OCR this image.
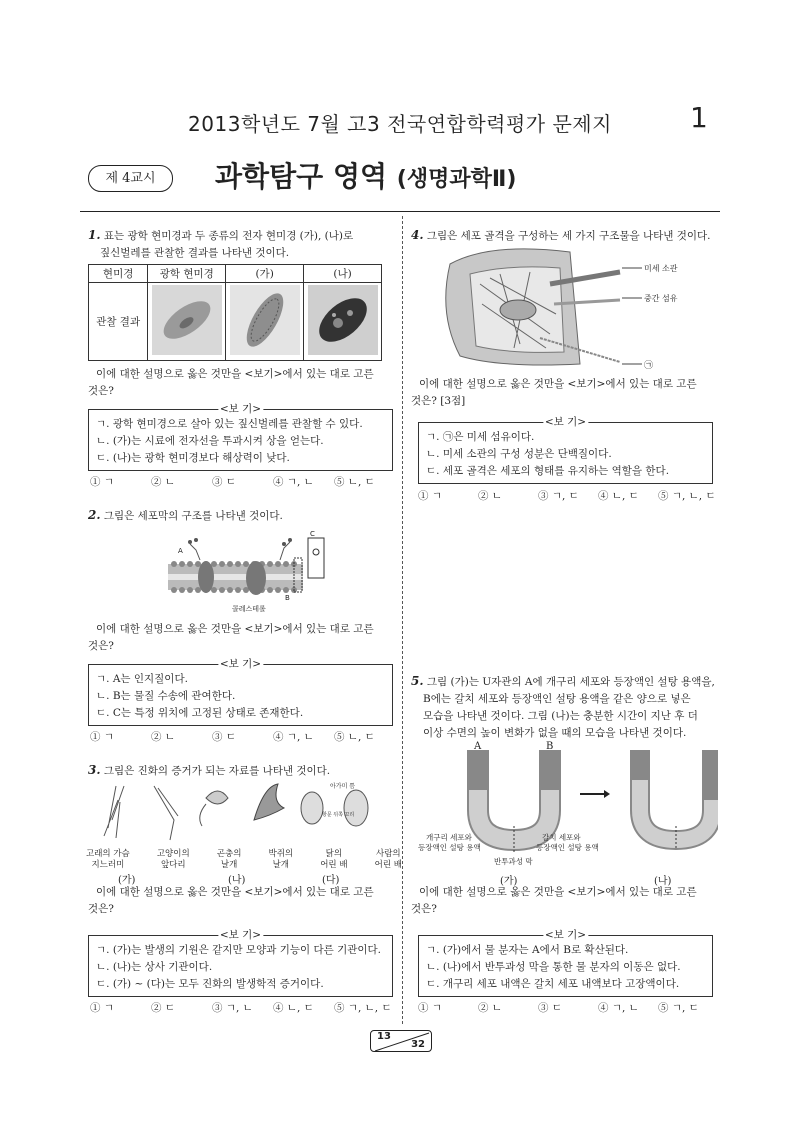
2013학년도 7월 고3 전국연합학력평가 문제지	1
제 4교시	과학탐구 영역 (생명과학Ⅱ)
1. 표는 광학 현미경과 두 종류의 전자 현미경 (가), (나)로
짚신벌레를 관찰한 결과를 나타낸 것이다.
현미경	광학 현미경	(가)	(나)
관찰 결과			
이에 대한 설명으로 옳은 것만을 <보기>에서 있는 대로 고른
것은?
<보 기>
ㄱ. 광학 현미경으로 살아 있는 짚신벌레를 관찰할 수 있다.
ㄴ. (가)는 시료에 전자선을 투과시켜 상을 얻는다.
ㄷ. (나)는 광학 현미경보다 해상력이 낮다.
① ㄱ	② ㄴ	③ ㄷ	④ ㄱ, ㄴ	⑤ ㄴ, ㄷ
2. 그림은 세포막의 구조를 나타낸 것이다.
C
A
B
콜레스테롤
이에 대한 설명으로 옳은 것만을 <보기>에서 있는 대로 고른
것은?
<보 기>
ㄱ. A는 인지질이다.
ㄴ. B는 물질 수송에 관여한다.
ㄷ. C는 특정 위치에 고정된 상태로 존재한다.
① ㄱ	② ㄴ	③ ㄷ	④ ㄱ, ㄴ	⑤ ㄴ, ㄷ
3. 그림은 진화의 증거가 되는 자료를 나타낸 것이다.
아가미 틈
항문 뒤쪽 꼬리
고래의 가슴
지느러미
고양이의
앞다리
곤충의
날개
박쥐의
날개
닭의
어린 배
사람의
어린 배
(가)	(나)	(다)
이에 대한 설명으로 옳은 것만을 <보기>에서 있는 대로 고른
것은?
<보 기>
ㄱ. (가)는 발생의 기원은 같지만 모양과 기능이 다른 기관이다.
ㄴ. (나)는 상사 기관이다.
ㄷ. (가) ~ (다)는 모두 진화의 발생학적 증거이다.
① ㄱ	② ㄷ	③ ㄱ, ㄴ	④ ㄴ, ㄷ	⑤ ㄱ, ㄴ, ㄷ
4. 그림은 세포 골격을 구성하는 세 가지 구조물을 나타낸 것이다.
미세 소관
중간 섬유
㉠
이에 대한 설명으로 옳은 것만을 <보기>에서 있는 대로 고른
것은? [3점]
<보 기>
ㄱ. ㉠은 미세 섬유이다.
ㄴ. 미세 소관의 구성 성분은 단백질이다.
ㄷ. 세포 골격은 세포의 형태를 유지하는 역할을 한다.
① ㄱ	② ㄴ	③ ㄱ, ㄷ	④ ㄴ, ㄷ	⑤ ㄱ, ㄴ, ㄷ
5. 그림 (가)는 U자관의 A에 개구리 세포와 등장액인 설탕 용액을,
B에는 갈치 세포와 등장액인 설탕 용액을 같은 양으로 넣은
모습을 나타낸 것이다. 그림 (나)는 충분한 시간이 지난 후 더
이상 수면의 높이 변화가 없을 때의 모습을 나타낸 것이다.
A	B
개구리 세포와
등장액인 설탕 용액
갈치 세포와
등장액인 설탕 용액
반투과성 막
(가)	(나)
이에 대한 설명으로 옳은 것만을 <보기>에서 있는 대로 고른
것은?
<보 기>
ㄱ. (가)에서 물 분자는 A에서 B로 확산된다.
ㄴ. (나)에서 반투과성 막을 통한 물 분자의 이동은 없다.
ㄷ. 개구리 세포 내액은 갈치 세포 내액보다 고장액이다.
① ㄱ	② ㄴ	③ ㄷ	④ ㄱ, ㄴ	⑤ ㄱ, ㄷ
13
32
